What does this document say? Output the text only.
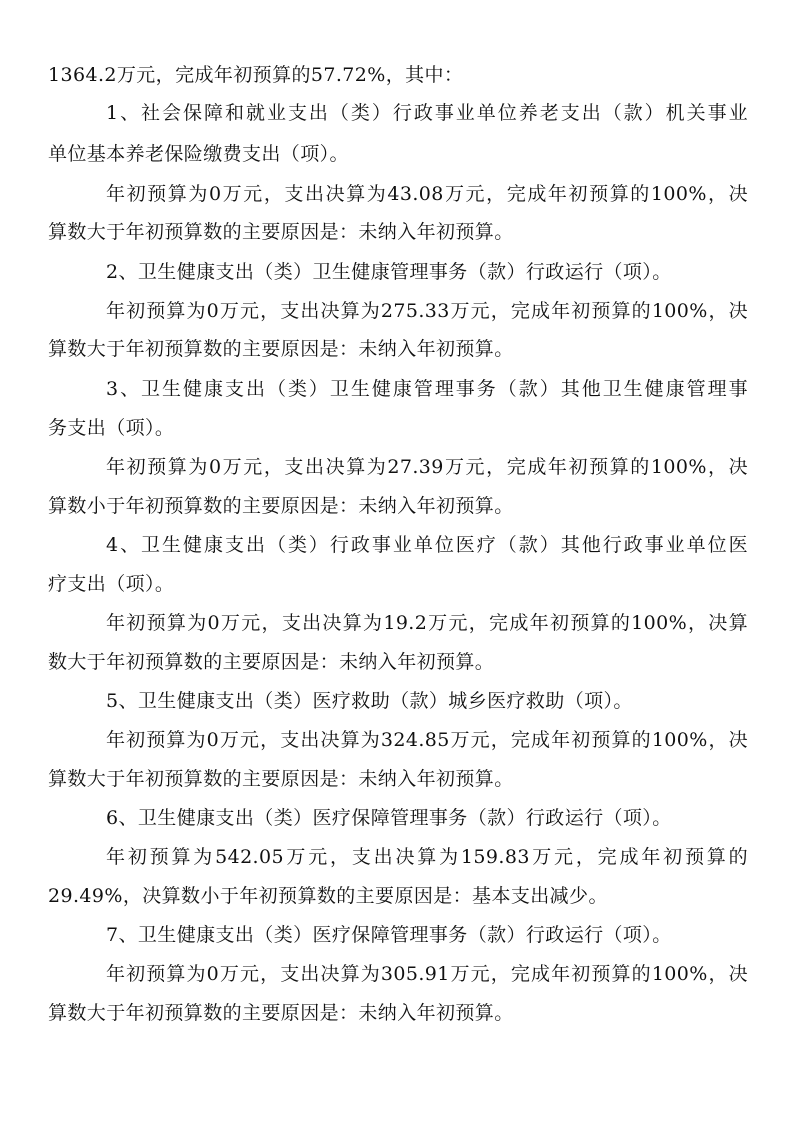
1364.2万元，完成年初预算的57.72%，其中：
1、社会保障和就业支出（类）行政事业单位养老支出（款）机关事业
单位基本养老保险缴费支出（项）。
年初预算为0万元，支出决算为43.08万元，完成年初预算的100%，决
算数大于年初预算数的主要原因是：未纳入年初预算。
2、卫生健康支出（类）卫生健康管理事务（款）行政运行（项）。
年初预算为0万元，支出决算为275.33万元，完成年初预算的100%，决
算数大于年初预算数的主要原因是：未纳入年初预算。
3、卫生健康支出（类）卫生健康管理事务（款）其他卫生健康管理事
务支出（项）。
年初预算为0万元，支出决算为27.39万元，完成年初预算的100%，决
算数小于年初预算数的主要原因是：未纳入年初预算。
4、卫生健康支出（类）行政事业单位医疗（款）其他行政事业单位医
疗支出（项）。
年初预算为0万元，支出决算为19.2万元，完成年初预算的100%，决算
数大于年初预算数的主要原因是：未纳入年初预算。
5、卫生健康支出（类）医疗救助（款）城乡医疗救助（项）。
年初预算为0万元，支出决算为324.85万元，完成年初预算的100%，决
算数大于年初预算数的主要原因是：未纳入年初预算。
6、卫生健康支出（类）医疗保障管理事务（款）行政运行（项）。
年初预算为542.05万元，支出决算为159.83万元，完成年初预算的
29.49%，决算数小于年初预算数的主要原因是：基本支出减少。
7、卫生健康支出（类）医疗保障管理事务（款）行政运行（项）。
年初预算为0万元，支出决算为305.91万元，完成年初预算的100%，决
算数大于年初预算数的主要原因是：未纳入年初预算。
